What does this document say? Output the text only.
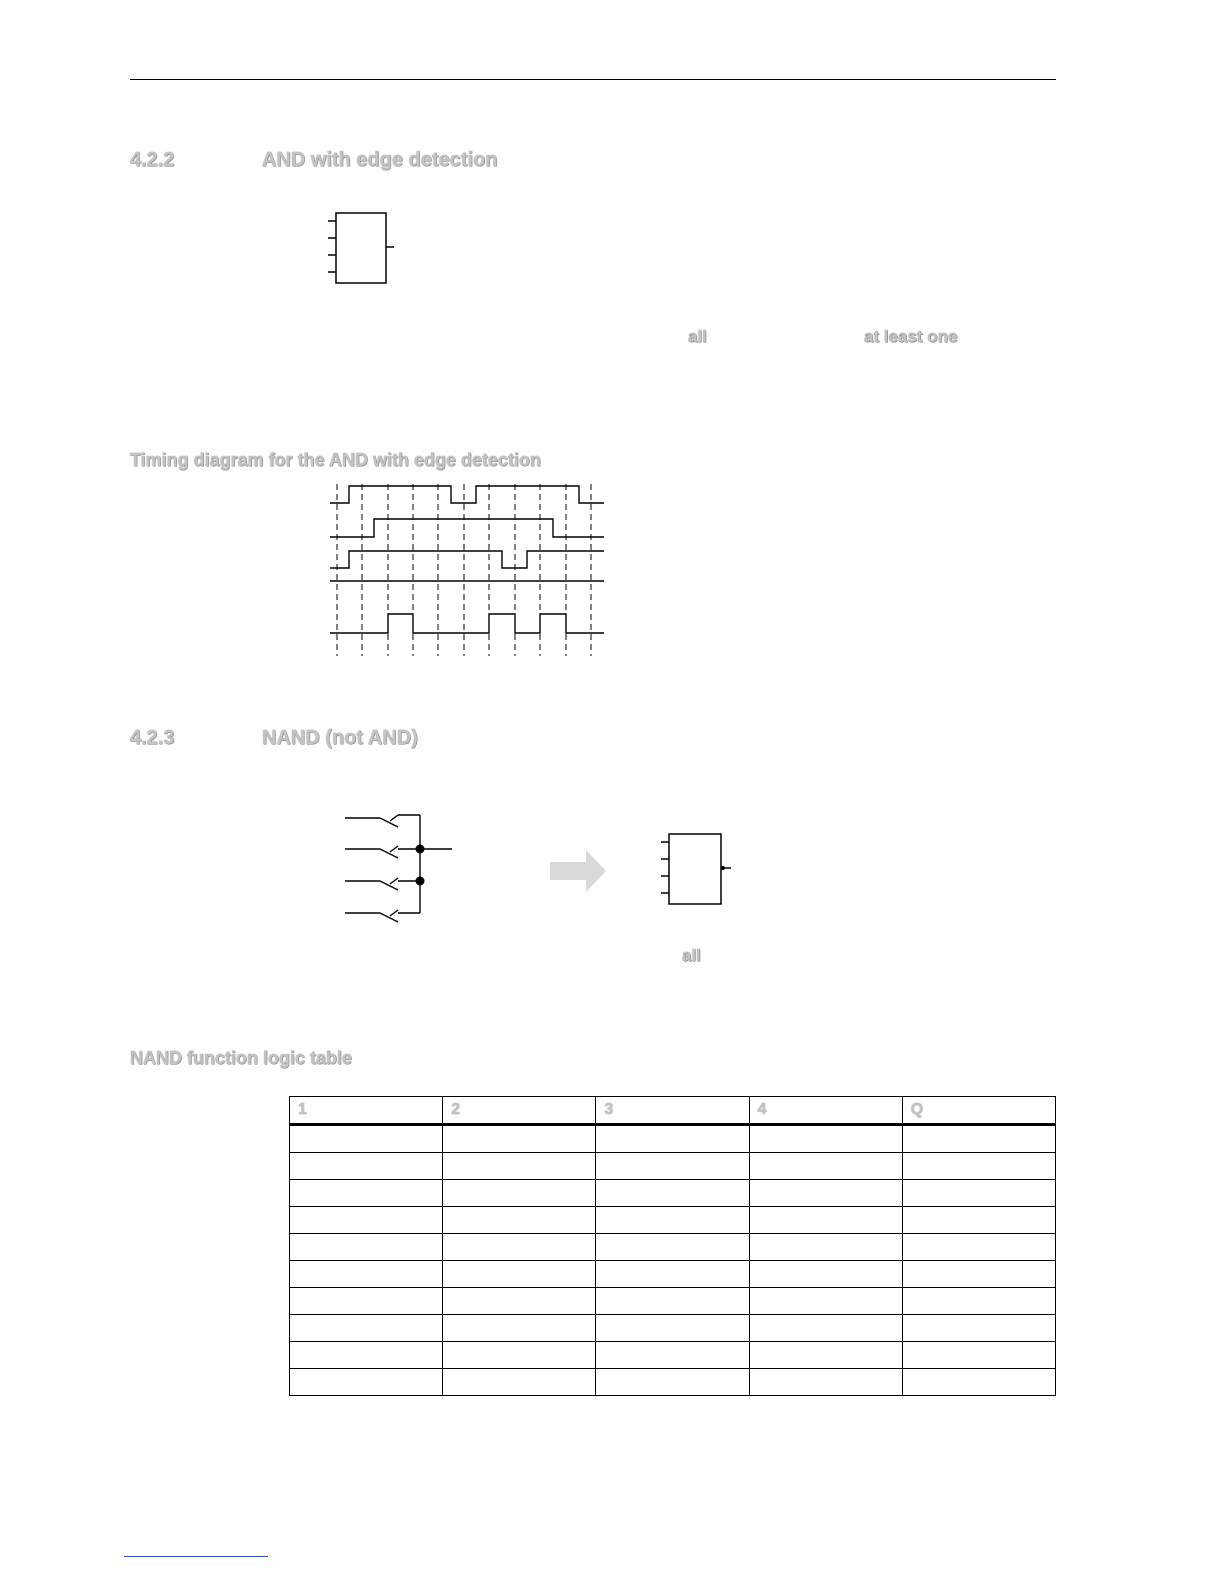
4.2.2	AND with edge detection
all	at least one
Timing diagram for the AND with edge detection
4.2.3	NAND (not AND)
all
NAND function logic table
1	2	3	4	Q
